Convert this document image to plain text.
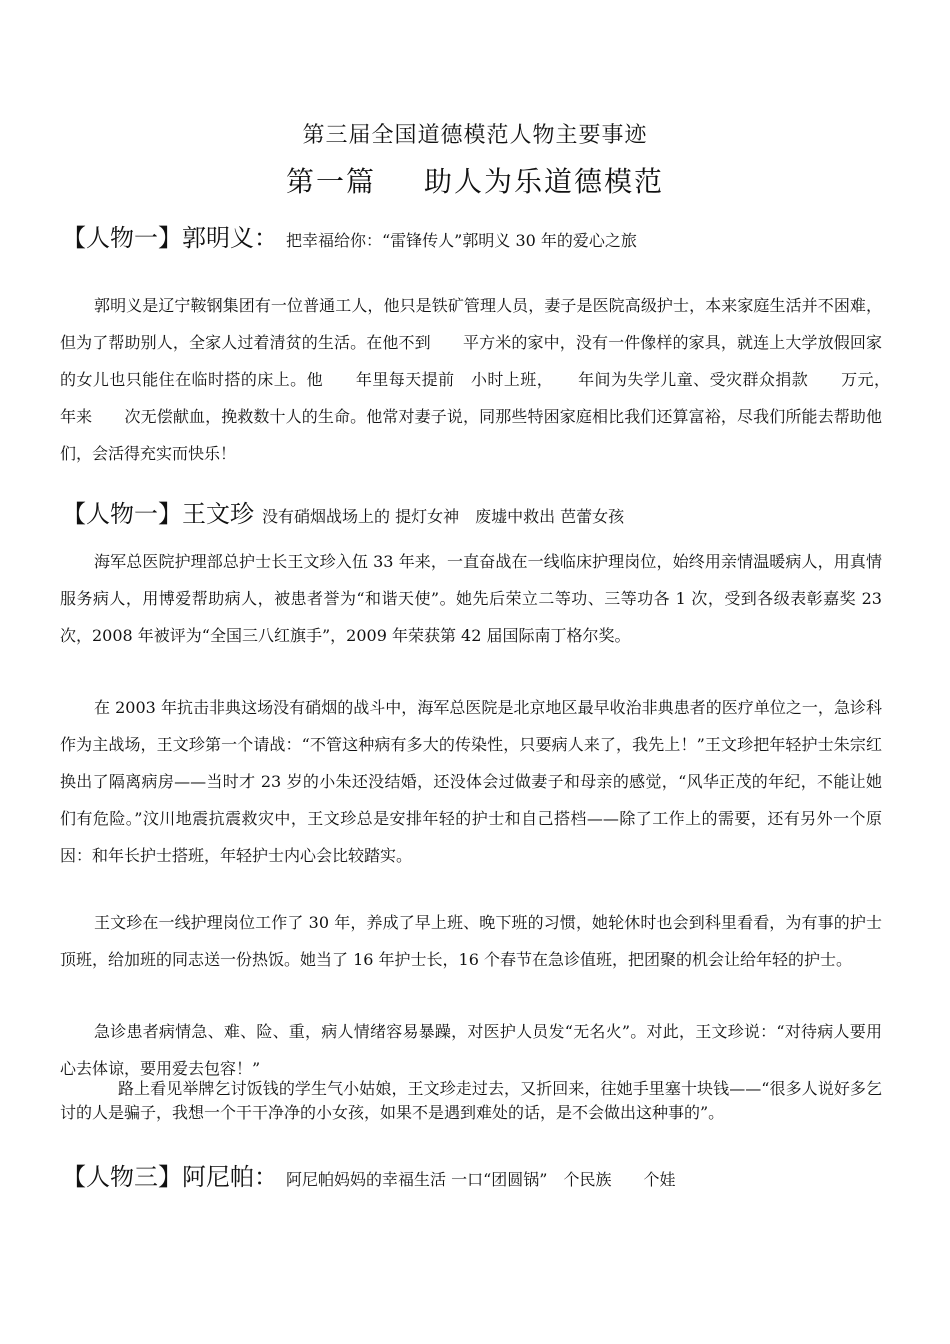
第三届全国道德模范人物主要事迹
第一篇 助人为乐道德模范
【人物一】郭明义： 把幸福给你：“雷锋传人”郭明义 30 年的爱心之旅

郭明义是辽宁鞍钢集团有一位普通工人，他只是铁矿管理人员，妻子是医院高级护士，本来家庭生活并不困难，但为了帮助别人，全家人过着清贫的生活。在他不到　　平方米的家中，没有一件像样的家具，就连上大学放假回家的女儿也只能住在临时搭的床上。他　　年里每天提前　小时上班，　　年间为失学儿童、受灾群众捐款　　万元，　　年来　　次无偿献血，挽救数十人的生命。他常对妻子说，同那些特困家庭相比我们还算富裕，尽我们所能去帮助他们，会活得充实而快乐！

【人物一】王文珍 没有硝烟战场上的 提灯女神　废墟中救出 芭蕾女孩

海军总医院护理部总护士长王文珍入伍 33 年来，一直奋战在一线临床护理岗位，始终用亲情温暖病人，用真情服务病人，用博爱帮助病人，被患者誉为“和谐天使”。她先后荣立二等功、三等功各 1 次，受到各级表彰嘉奖 23 次，2008 年被评为“全国三八红旗手”，2009 年荣获第 42 届国际南丁格尔奖。

在 2003 年抗击非典这场没有硝烟的战斗中，海军总医院是北京地区最早收治非典患者的医疗单位之一，急诊科作为主战场，王文珍第一个请战：“不管这种病有多大的传染性，只要病人来了，我先上！”王文珍把年轻护士朱宗红换出了隔离病房——当时才 23 岁的小朱还没结婚，还没体会过做妻子和母亲的感觉，“风华正茂的年纪，不能让她们有危险。”汶川地震抗震救灾中，王文珍总是安排年轻的护士和自己搭档——除了工作上的需要，还有另外一个原因：和年长护士搭班，年轻护士内心会比较踏实。

王文珍在一线护理岗位工作了 30 年，养成了早上班、晚下班的习惯，她轮休时也会到科里看看，为有事的护士顶班，给加班的同志送一份热饭。她当了 16 年护士长，16 个春节在急诊值班，把团聚的机会让给年轻的护士。

急诊患者病情急、难、险、重，病人情绪容易暴躁，对医护人员发“无名火”。对此，王文珍说：“对待病人要用心去体谅，要用爱去包容！”

路上看见举牌乞讨饭钱的学生气小姑娘，王文珍走过去，又折回来，往她手里塞十块钱——“很多人说好多乞讨的人是骗子，我想一个干干净净的小女孩，如果不是遇到难处的话，是不会做出这种事的”。

【人物三】阿尼帕： 阿尼帕妈妈的幸福生活 一口“团圆锅”　个民族　　个娃
